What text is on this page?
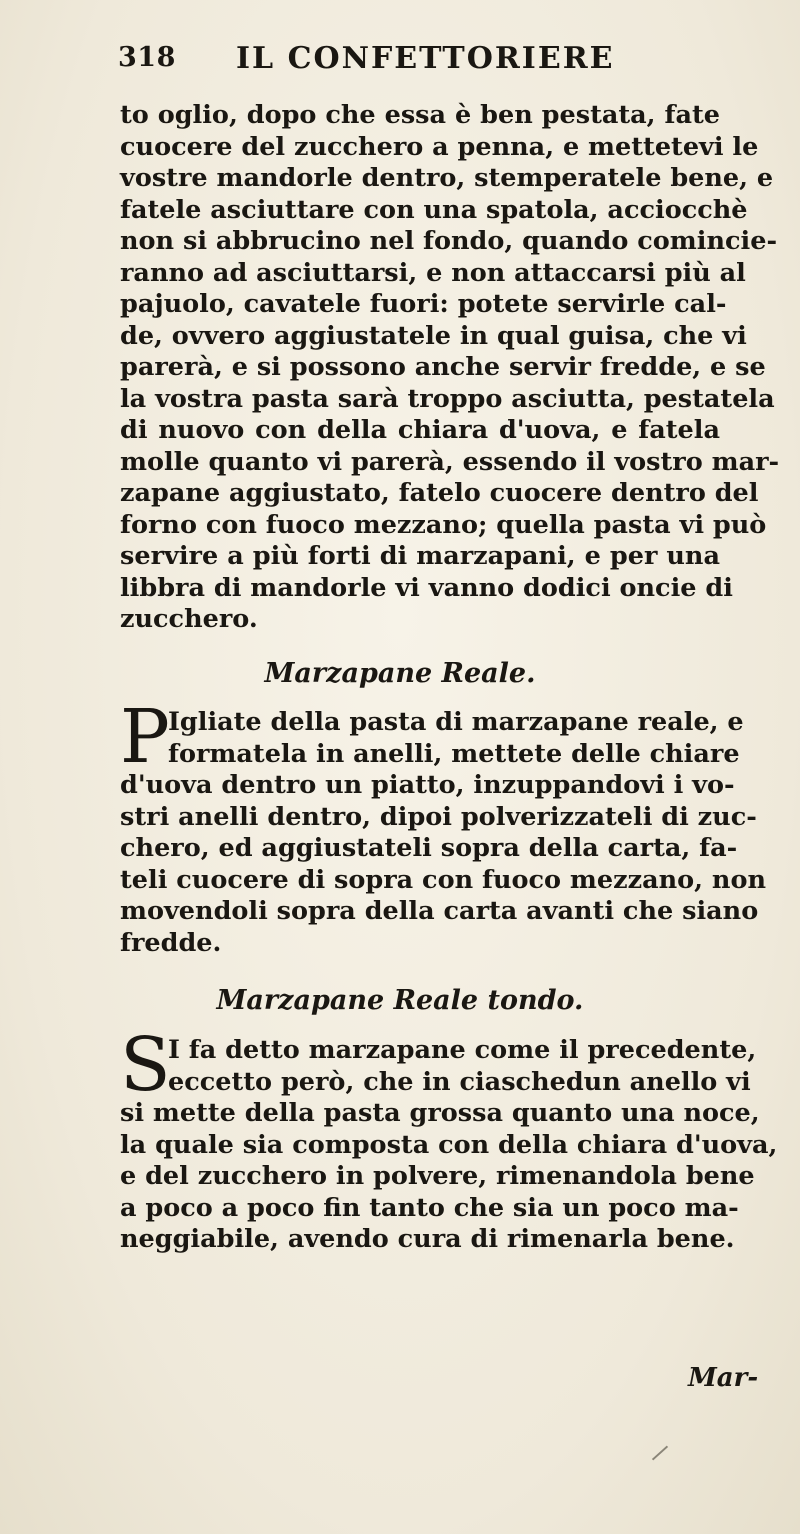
318 IL CONFETTORIERE
to oglio, dopo che essa è ben pestata, fate
cuocere del zucchero a penna, e mettetevi le
vostre mandorle dentro, stemperatele bene, e
fatele asciuttare con una spatola, acciocchè
non si abbrucino nel fondo, quando comincie-
ranno ad asciuttarsi, e non attaccarsi più al
pajuolo, cavatele fuori: potete servirle cal-
de, ovvero aggiustatele in qual guisa, che vi
parerà, e si possono anche servir fredde, e se
la vostra pasta sarà troppo asciutta, pestatela
di nuovo con della chiara d'uova, e fatela
molle quanto vi parerà, essendo il vostro mar-
zapane aggiustato, fatelo cuocere dentro del
forno con fuoco mezzano; quella pasta vi può
servire a più forti di marzapani, e per una
libbra di mandorle vi vanno dodici oncie di
zucchero.
Marzapane Reale.
P
Igliate della pasta di marzapane reale, e
formatela in anelli, mettete delle chiare
d'uova dentro un piatto, inzuppandovi i vo-
stri anelli dentro, dipoi polverizzateli di zuc-
chero, ed aggiustateli sopra della carta, fa-
teli cuocere di sopra con fuoco mezzano, non
movendoli sopra della carta avanti che siano
fredde.
Marzapane Reale tondo.
S
I fa detto marzapane come il precedente,
eccetto però, che in ciaschedun anello vi
si mette della pasta grossa quanto una noce,
la quale sia composta con della chiara d'uova,
e del zucchero in polvere, rimenandola bene
a poco a poco fin tanto che sia un poco ma-
neggiabile, avendo cura di rimenarla bene.
Mar-
